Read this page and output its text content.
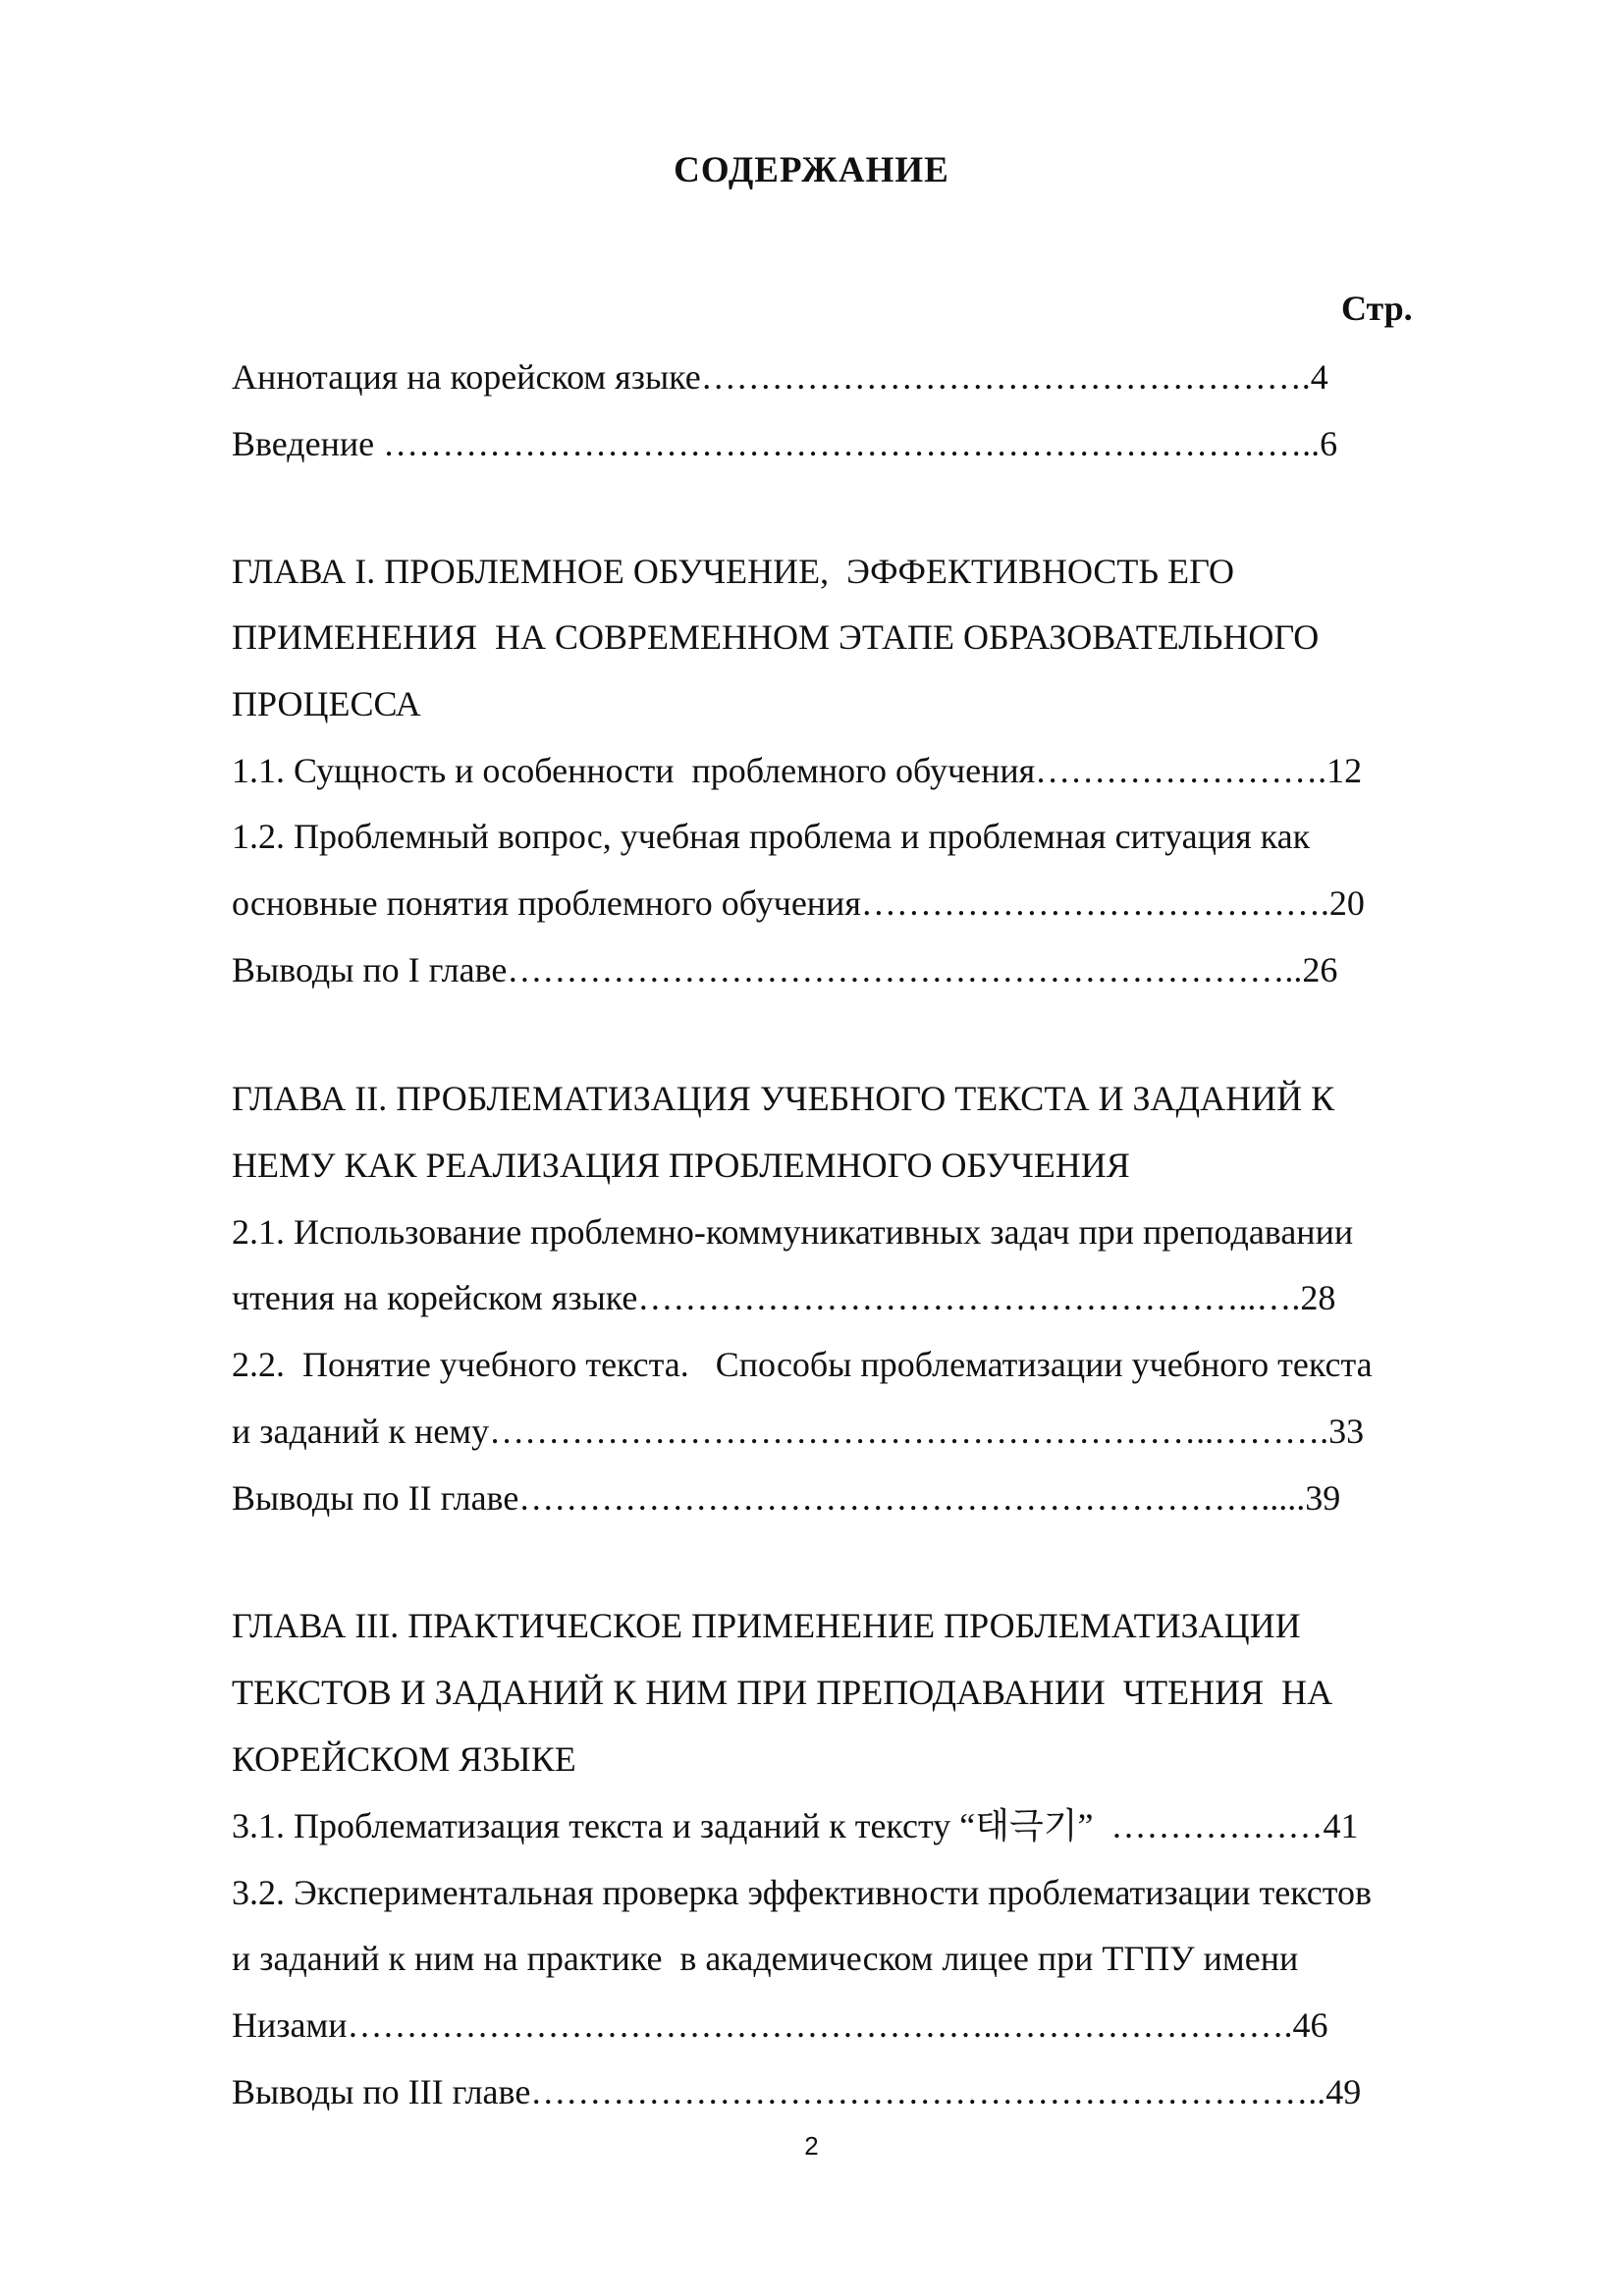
СОДЕРЖАНИЕ
Стр.
Аннотация на корейском языке…………………………………………….4
Введение ……………………………………………………………………..6
ГЛАВА I. ПРОБЛЕМНОЕ ОБУЧЕНИЕ,  ЭФФЕКТИВНОСТЬ ЕГО
ПРИМЕНЕНИЯ  НА СОВРЕМЕННОМ ЭТАПЕ ОБРАЗОВАТЕЛЬНОГО
ПРОЦЕССА
1.1. Сущность и особенности  проблемного обучения…………………….12
1.2. Проблемный вопрос, учебная проблема и проблемная ситуация как
основные понятия проблемного обучения………………………………….20
Выводы по I главе…………………………………………………………..26
ГЛАВА II. ПРОБЛЕМАТИЗАЦИЯ УЧЕБНОГО ТЕКСТА И ЗАДАНИЙ К
НЕМУ КАК РЕАЛИЗАЦИЯ ПРОБЛЕМНОГО ОБУЧЕНИЯ
2.1. Использование проблемно-коммуникативных задач при преподавании
чтения на корейском языке……………………………………………..….28
2.2.  Понятие учебного текста.   Способы проблематизации учебного текста
и заданий к нему……………………………………………………..……….33
Выводы по II главе……………………………………………………….....39
ГЛАВА III. ПРАКТИЧЕСКОЕ ПРИМЕНЕНИЕ ПРОБЛЕМАТИЗАЦИИ
ТЕКСТОВ И ЗАДАНИЙ К НИМ ПРИ ПРЕПОДАВАНИИ  ЧТЕНИЯ  НА
КОРЕЙСКОМ ЯЗЫКЕ
3.1. Проблематизация текста и заданий к тексту “태극기”  ………………41
3.2. Экспериментальная проверка эффективности проблематизации текстов
и заданий к ним на практике  в академическом лицее при ТГПУ имени
Низами………………………………………………..…………………….46
Выводы по III главе…………………………………………………………..49
2
